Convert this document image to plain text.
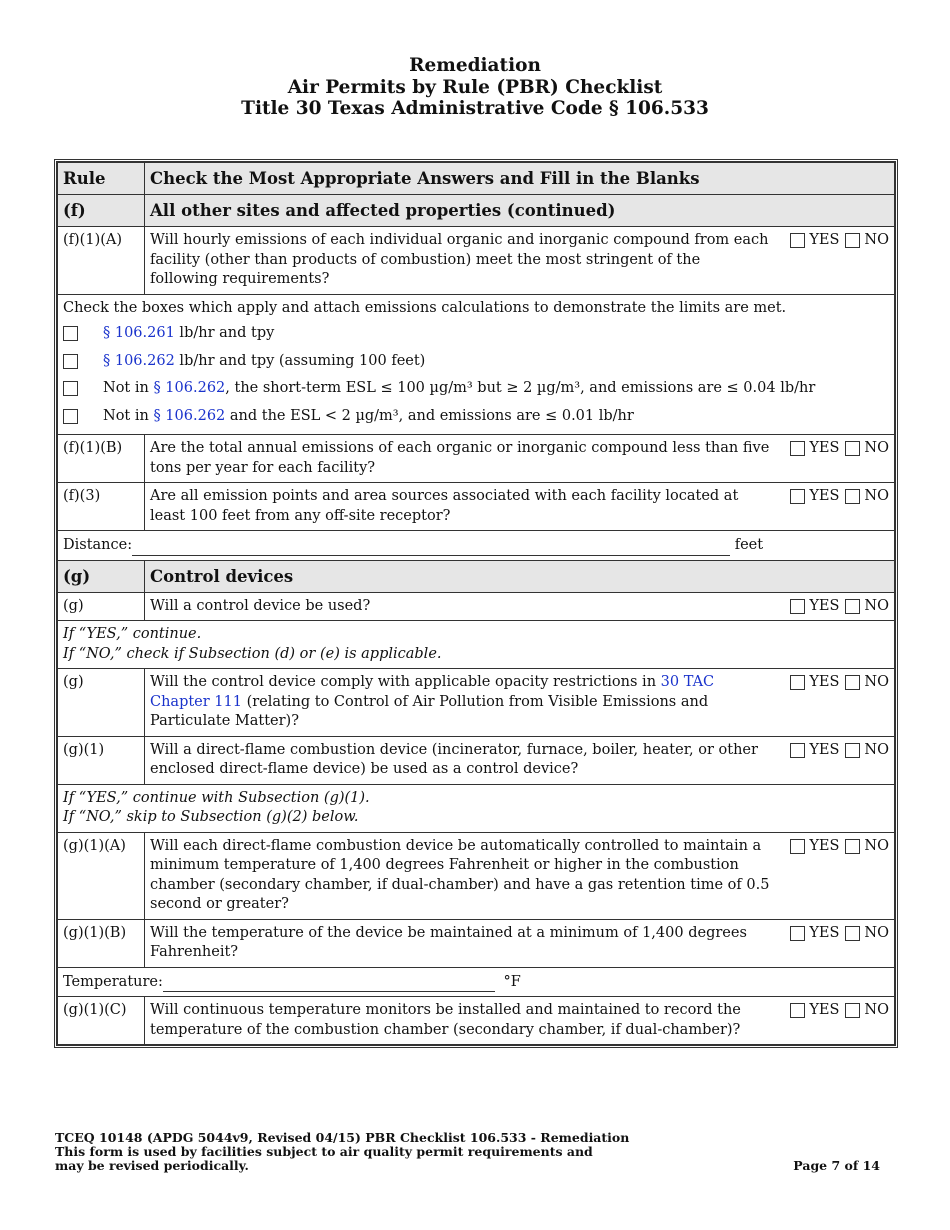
Remediation
Air Permits by Rule (PBR) Checklist
Title 30 Texas Administrative Code § 106.533
Rule	Check the Most Appropriate Answers and Fill in the Blanks
(f)	All other sites and affected properties (continued)
(f)(1)(A)	Will hourly emissions of each individual organic and inorganic compound from each facility (other than products of combustion) meet the most stringent of the following requirements?
YES NO

Check the boxes which apply and attach emissions calculations to demonstrate the limits are met.
§ 106.261 lb/hr and tpy
§ 106.262 lb/hr and tpy (assuming 100 feet)
Not in § 106.262, the short-term ESL ≤ 100 µg/m³ but ≥ 2 µg/m³, and emissions are ≤ 0.04 lb/hr
Not in § 106.262 and the ESL < 2 µg/m³, and emissions are ≤ 0.01 lb/hr	

(f)(1)(B)	Are the total annual emissions of each organic or inorganic compound less than five tons per year for each facility?
YES NO

(f)(3)	Are all emission points and area sources associated with each facility located at least 100 feet from any off-site receptor?
YES NO

Distance: feet	
(g)	Control devices
(g)	Will a control device be used? YES NO

If “YES,” continue.
If “NO,” check if Subsection (d) or (e) is applicable.	

(g)	Will the control device comply with applicable opacity restrictions in 30 TAC Chapter 111 (relating to Control of Air Pollution from Visible Emissions and Particulate Matter)?
YES NO

(g)(1)	Will a direct-flame combustion device (incinerator, furnace, boiler, heater, or other enclosed direct-flame device) be used as a control device?
YES NO

If “YES,” continue with Subsection (g)(1).
If “NO,” skip to Subsection (g)(2) below.	

(g)(1)(A)	Will each direct-flame combustion device be automatically controlled to maintain a minimum temperature of 1,400 degrees Fahrenheit or higher in the combustion chamber (secondary chamber, if dual-chamber) and have a gas retention time of 0.5 second or greater?
YES NO

(g)(1)(B)	Will the temperature of the device be maintained at a minimum of 1,400 degrees Fahrenheit?
YES NO

Temperature: °F	
(g)(1)(C)	Will continuous temperature monitors be installed and maintained to record the temperature of the combustion chamber (secondary chamber, if dual-chamber)?
YES NO
TCEQ 10148 (APDG 5044v9, Revised 04/15) PBR Checklist 106.533 - Remediation
This form is used by facilities subject to air quality permit requirements and
may be revised periodically.	Page 7 of 14
